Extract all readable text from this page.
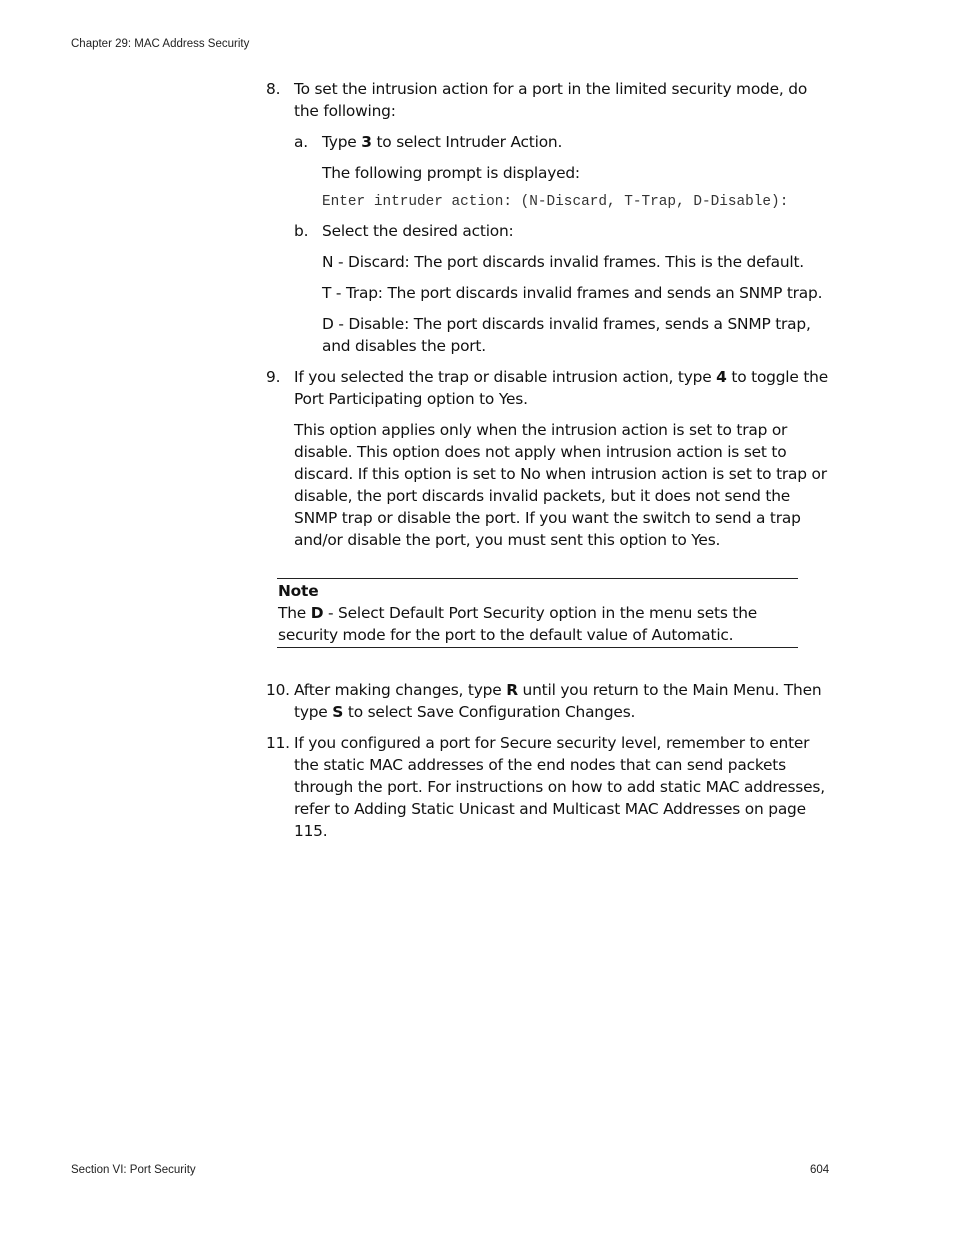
Chapter 29: MAC Address Security
8. To set the intrusion action for a port in the limited security mode, do the following:

a. Type 3 to select Intruder Action.

The following prompt is displayed:

Enter intruder action: (N-Discard, T-Trap, D-Disable):
b. Select the desired action:

N - Discard: The port discards invalid frames. This is the default.

T - Trap: The port discards invalid frames and sends an SNMP trap.

D - Disable: The port discards invalid frames, sends a SNMP trap, and disables the port.

9. If you selected the trap or disable intrusion action, type 4 to toggle the Port Participating option to Yes.

This option applies only when the intrusion action is set to trap or disable. This option does not apply when intrusion action is set to discard. If this option is set to No when intrusion action is set to trap or disable, the port discards invalid packets, but it does not send the SNMP trap or disable the port. If you want the switch to send a trap and/or disable the port, you must sent this option to Yes.

Note
The D - Select Default Port Security option in the menu sets the security mode for the port to the default value of Automatic.
10. After making changes, type R until you return to the Main Menu. Then type S to select Save Configuration Changes.

11. If you configured a port for Secure security level, remember to enter the static MAC addresses of the end nodes that can send packets through the port. For instructions on how to add static MAC addresses, refer to Adding Static Unicast and Multicast MAC Addresses on page 115.

Section VI: Port Security	604
